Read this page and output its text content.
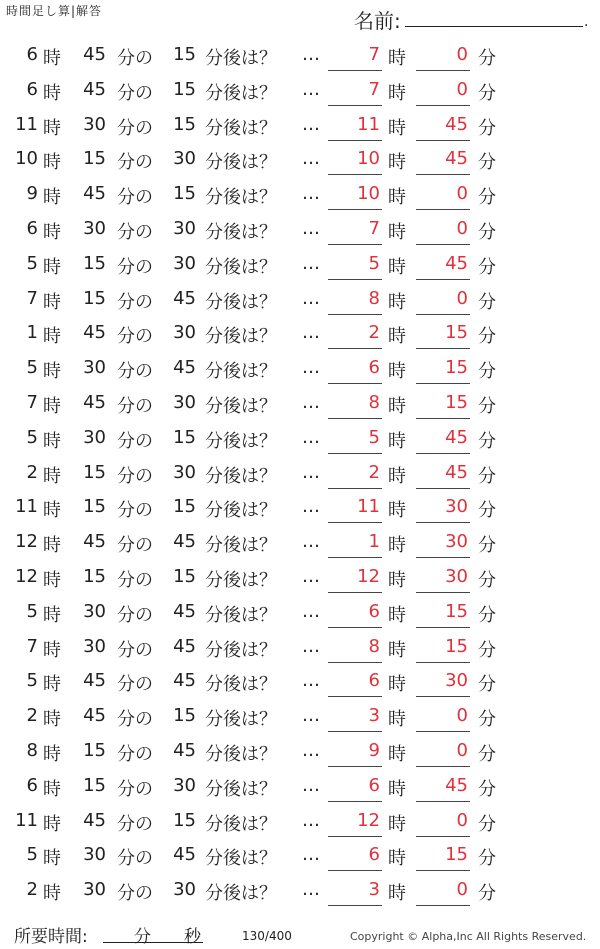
時間足し算|解答	名前:	.
6 時	45 分の	15 分後は？ …	7 時	0 分
6 時	45 分の	15 分後は？ …	7 時	0 分
11 時	30 分の	15 分後は？ …	11 時	45 分
10 時	15 分の	30 分後は？ …	10 時	45 分
9 時	45 分の	15 分後は？ …	10 時	0 分
6 時	30 分の	30 分後は？ …	7 時	0 分
5 時	15 分の	30 分後は？ …	5 時	45 分
7 時	15 分の	45 分後は？ …	8 時	0 分
1 時	45 分の	30 分後は？ …	2 時	15 分
5 時	30 分の	45 分後は？ …	6 時	15 分
7 時	45 分の	30 分後は？ …	8 時	15 分
5 時	30 分の	15 分後は？ …	5 時	45 分
2 時	15 分の	30 分後は？ …	2 時	45 分
11 時	15 分の	15 分後は？ …	11 時	30 分
12 時	45 分の	45 分後は？ …	1 時	30 分
12 時	15 分の	15 分後は？ …	12 時	30 分
5 時	30 分の	45 分後は？ …	6 時	15 分
7 時	30 分の	45 分後は？ …	8 時	15 分
5 時	45 分の	45 分後は？ …	6 時	30 分
2 時	45 分の	15 分後は？ …	3 時	0 分
8 時	15 分の	45 分後は？ …	9 時	0 分
6 時	15 分の	30 分後は？ …	6 時	45 分
11 時	45 分の	15 分後は？ …	12 時	0 分
5 時	30 分の	45 分後は？ …	6 時	15 分
2 時	30 分の	30 分後は？ …	3 時	0 分
所要時間:	分 秒	130/400	Copyright © Alpha,Inc All Rights Reserved.
